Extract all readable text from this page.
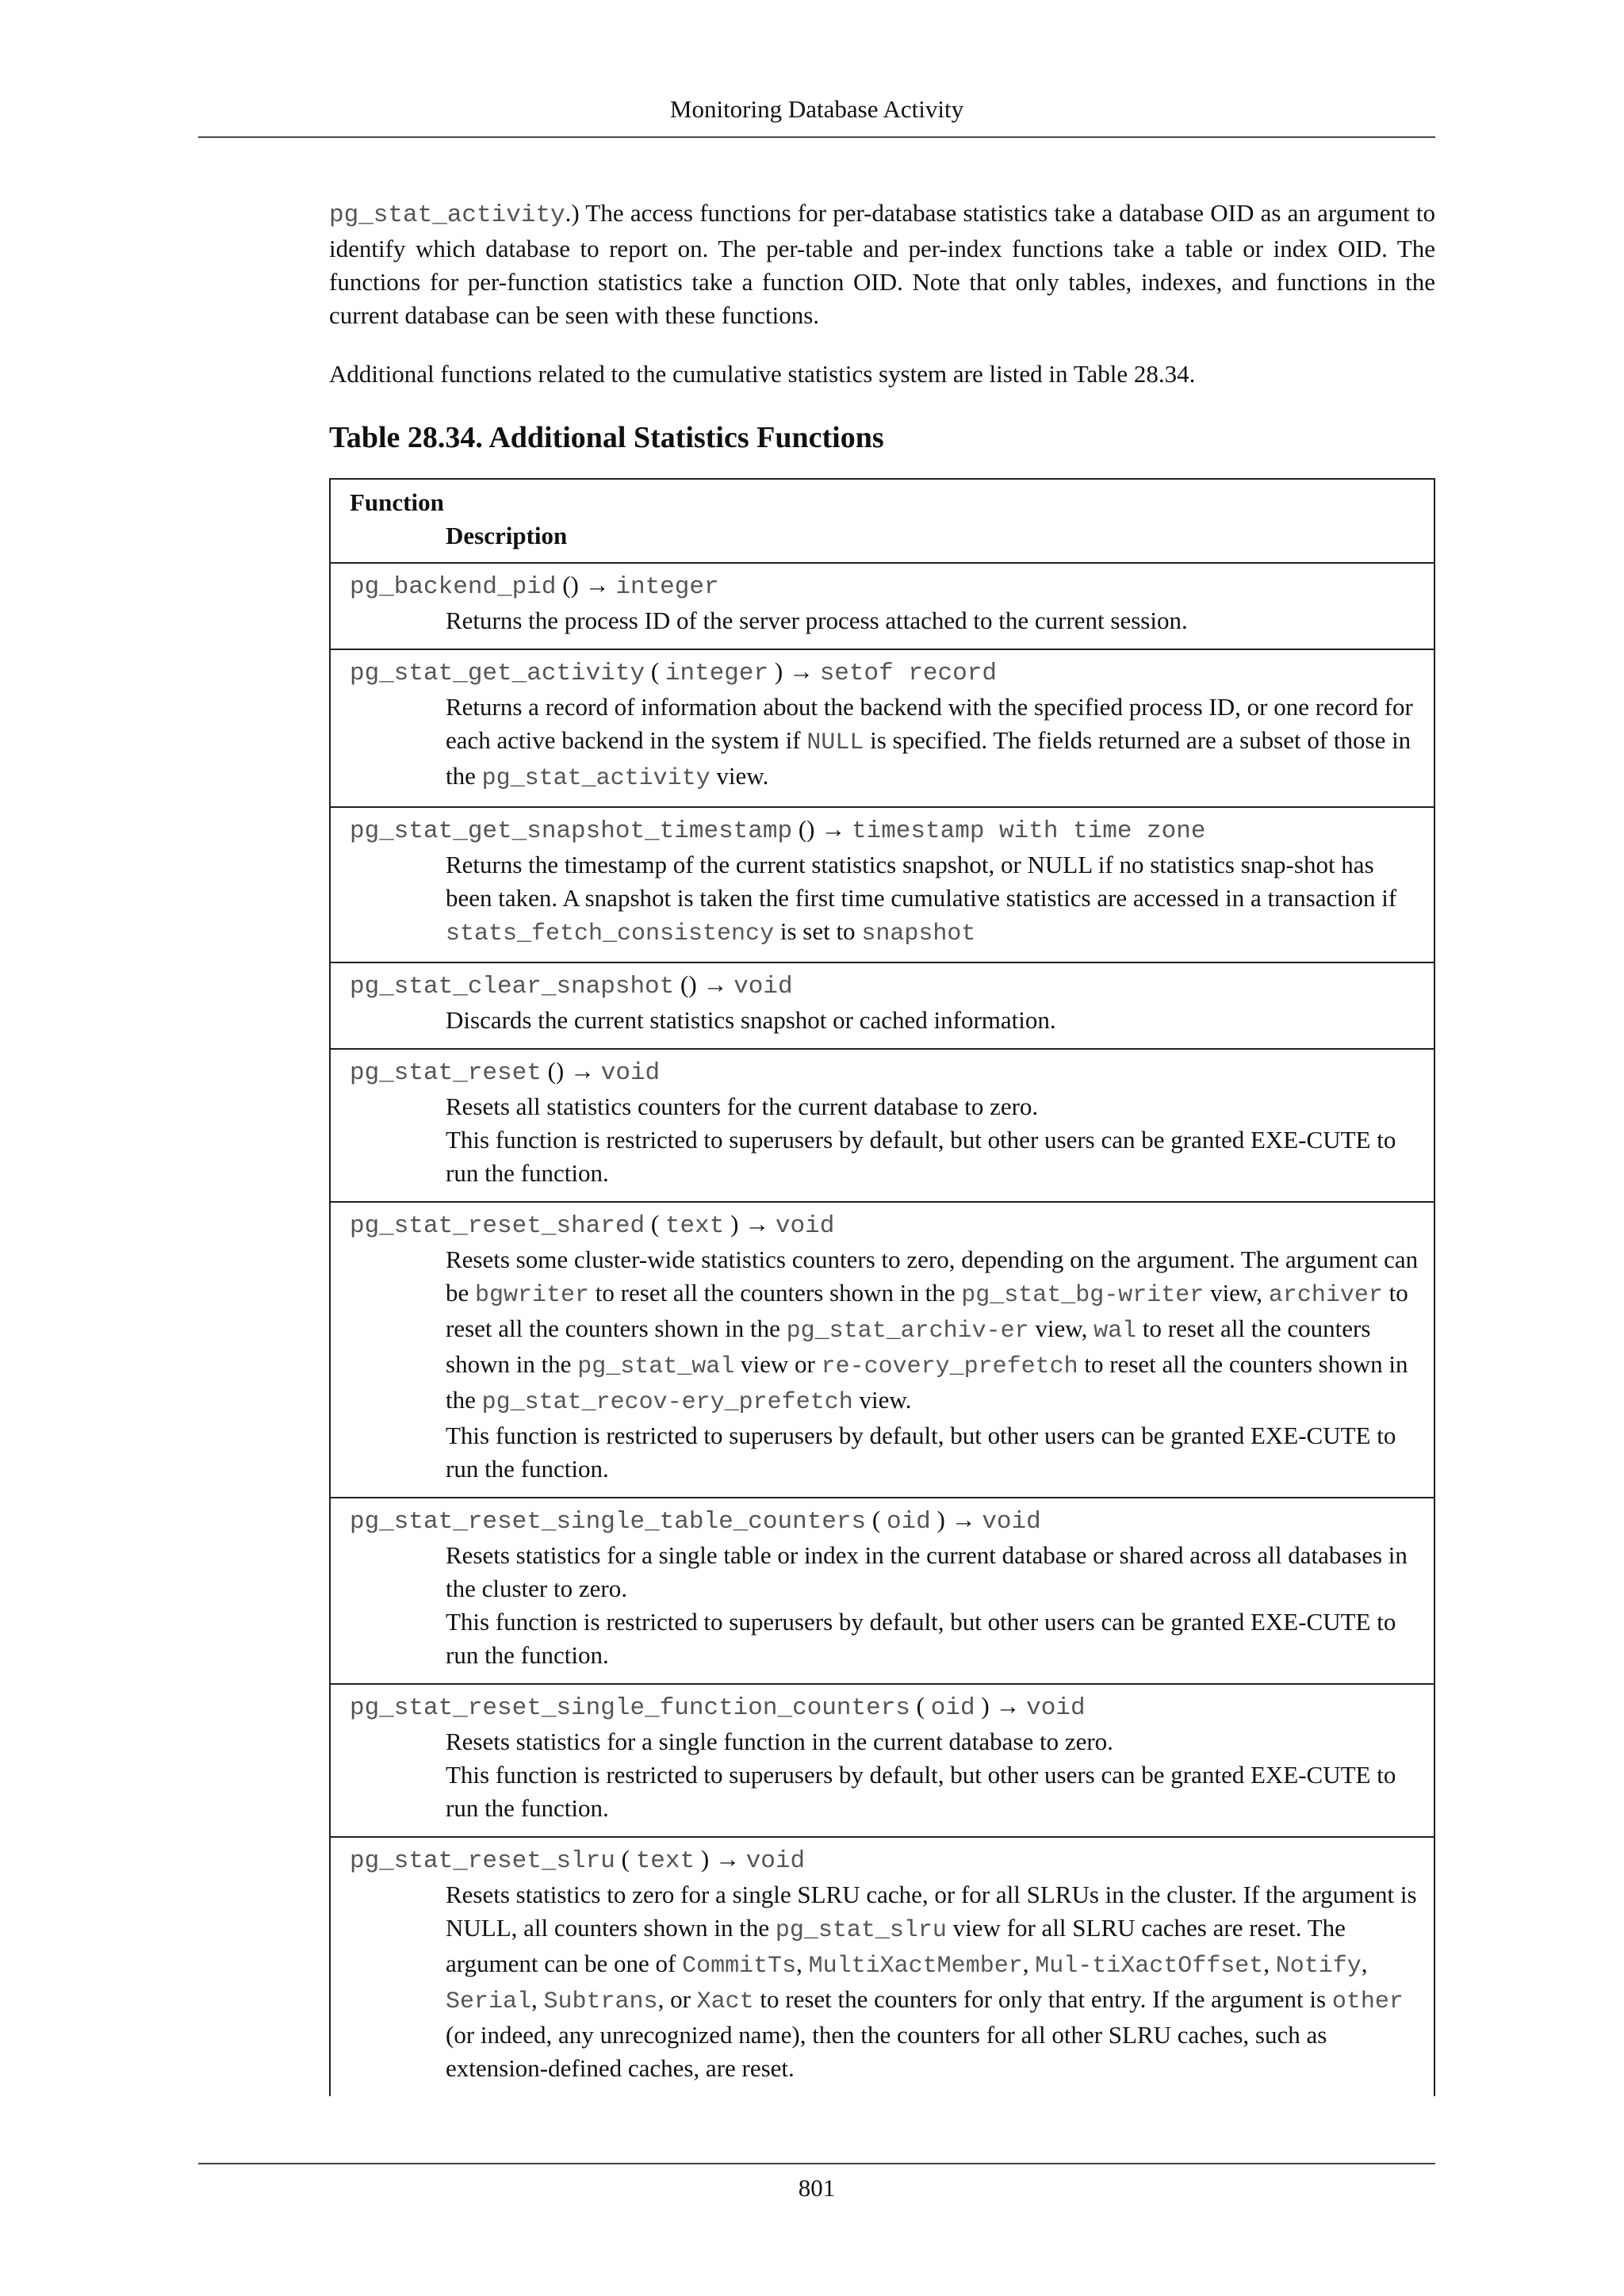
Monitoring Database Activity

pg_stat_activity.) The access functions for per-database statistics take a database OID as an argument to identify which database to report on. The per-table and per-index functions take a table or index OID. The functions for per-function statistics take a function OID. Note that only tables, indexes, and functions in the current database can be seen with these functions.

Additional functions related to the cumulative statistics system are listed in Table 28.34.

Table 28.34. Additional Statistics Functions
Function
Description
pg_backend_pid () → integer
Returns the process ID of the server process attached to the current session.
pg_stat_get_activity ( integer ) → setof record
Returns a record of information about the backend with the specified process ID, or one record for each active backend in the system if NULL is specified. The fields returned are a subset of those in the pg_stat_activity view.
pg_stat_get_snapshot_timestamp () → timestamp with time zone
Returns the timestamp of the current statistics snapshot, or NULL if no statistics snap-shot has been taken. A snapshot is taken the first time cumulative statistics are accessed in a transaction if stats_fetch_consistency is set to snapshot
pg_stat_clear_snapshot () → void
Discards the current statistics snapshot or cached information.
pg_stat_reset () → void
Resets all statistics counters for the current database to zero.
This function is restricted to superusers by default, but other users can be granted EXE-CUTE to run the function.
pg_stat_reset_shared ( text ) → void
Resets some cluster-wide statistics counters to zero, depending on the argument. The argument can be bgwriter to reset all the counters shown in the pg_stat_bg-writer view, archiver to reset all the counters shown in the pg_stat_archiv-er view, wal to reset all the counters shown in the pg_stat_wal view or re-covery_prefetch to reset all the counters shown in the pg_stat_recov-ery_prefetch view.
This function is restricted to superusers by default, but other users can be granted EXE-CUTE to run the function.
pg_stat_reset_single_table_counters ( oid ) → void
Resets statistics for a single table or index in the current database or shared across all databases in the cluster to zero.
This function is restricted to superusers by default, but other users can be granted EXE-CUTE to run the function.
pg_stat_reset_single_function_counters ( oid ) → void
Resets statistics for a single function in the current database to zero.
This function is restricted to superusers by default, but other users can be granted EXE-CUTE to run the function.
pg_stat_reset_slru ( text ) → void
Resets statistics to zero for a single SLRU cache, or for all SLRUs in the cluster. If the argument is NULL, all counters shown in the pg_stat_slru view for all SLRU caches are reset. The argument can be one of CommitTs, MultiXactMember, Mul-tiXactOffset, Notify, Serial, Subtrans, or Xact to reset the counters for only that entry. If the argument is other (or indeed, any unrecognized name), then the counters for all other SLRU caches, such as extension-defined caches, are reset.
801
